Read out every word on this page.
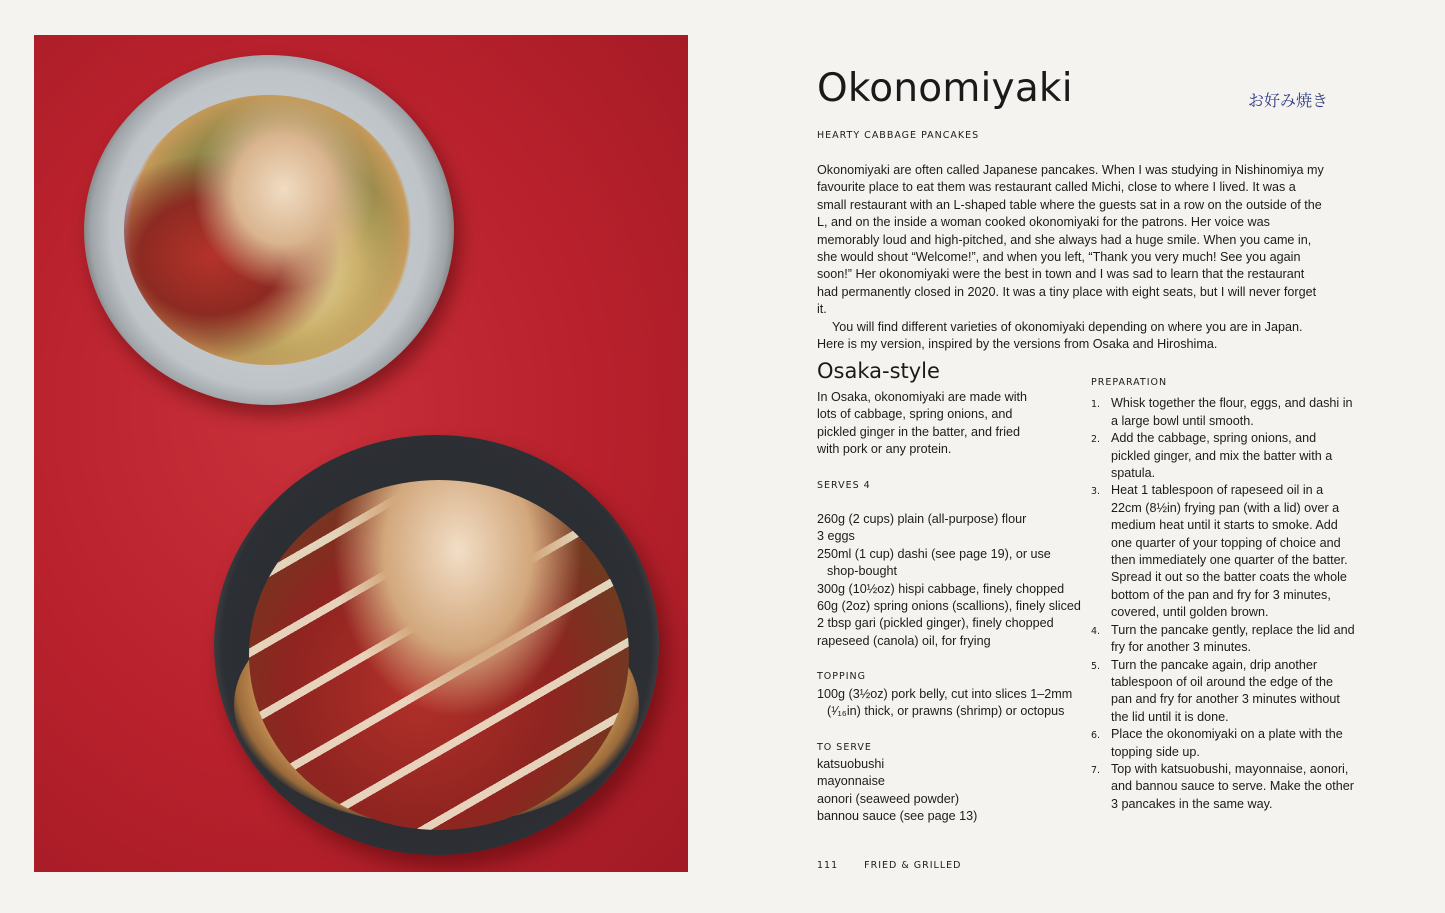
Okonomiyaki	お好み焼き
HEARTY CABBAGE PANCAKES

Okonomiyaki are often called Japanese pancakes. When I was studying in Nishinomiya my favourite place to eat them was restaurant called Michi, close to where I lived. It was a small restaurant with an L-shaped table where the guests sat in a row on the outside of the L, and on the inside a woman cooked okonomiyaki for the patrons. Her voice was memorably loud and high-pitched, and she always had a huge smile. When you came in, she would shout “Welcome!”, and when you left, “Thank you very much! See you again soon!” Her okonomiyaki were the best in town and I was sad to learn that the restaurant had permanently closed in 2020. It was a tiny place with eight seats, but I will never forget it.

You will find different varieties of okonomiyaki depending on where you are in Japan. Here is my version, inspired by the versions from Osaka and Hiroshima.

Osaka-style

In Osaka, okonomiyaki are made with lots of cabbage, spring onions, and pickled ginger in the batter, and fried with pork or any protein.

SERVES 4
260g (2 cups) plain (all-purpose) flour
3 eggs
250ml (1 cup) dashi (see page 19), or use shop-bought
300g (10½oz) hispi cabbage, finely chopped
60g (2oz) spring onions (scallions), finely sliced
2 tbsp gari (pickled ginger), finely chopped
rapeseed (canola) oil, for frying
TOPPING
100g (3½oz) pork belly, cut into slices 1–2mm (¹⁄₁₆in) thick, or prawns (shrimp) or octopus
TO SERVE
katsuobushi
mayonnaise
aonori (seaweed powder)
bannou sauce (see page 13)
PREPARATION
1. Whisk together the flour, eggs, and dashi in a large bowl until smooth.
2. Add the cabbage, spring onions, and pickled ginger, and mix the batter with a spatula.
3. Heat 1 tablespoon of rapeseed oil in a 22cm (8½in) frying pan (with a lid) over a medium heat until it starts to smoke. Add one quarter of your topping of choice and then immediately one quarter of the batter. Spread it out so the batter coats the whole bottom of the pan and fry for 3 minutes, covered, until golden brown.
4. Turn the pancake gently, replace the lid and fry for another 3 minutes.
5. Turn the pancake again, drip another tablespoon of oil around the edge of the pan and fry for another 3 minutes without the lid until it is done.
6. Place the okonomiyaki on a plate with the topping side up.
7. Top with katsuobushi, mayonnaise, aonori, and bannou sauce to serve. Make the other 3 pancakes in the same way.
111	FRIED & GRILLED
